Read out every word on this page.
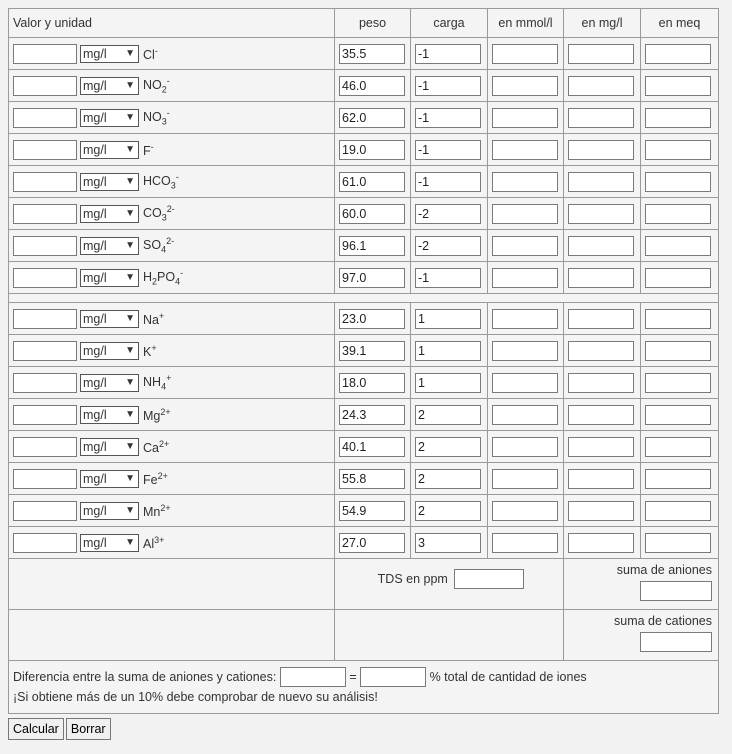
Valor y unidad	peso	carga	en mmol/l	en mg/l	en meq
mg/l ▼ Cl-	35.5	-1			
mg/l ▼ $NO_2^-$	46.0	-1			
mg/l ▼ $NO_3^-$	62.0	-1			
mg/l ▼ F-	19.0	-1			
mg/l ▼ $HCO_3^-$	61.0	-1			
mg/l ▼ $CO_3^{2-}$	60.0	-2			
mg/l ▼ $SO_4^{2-}$	96.1	-2			
mg/l ▼ $H_2PO_4^-$	97.0	-1			

mg/l ▼ Na+	23.0	1			
mg/l ▼ K+	39.1	1			
mg/l ▼ $NH_4^+$	18.0	1			
mg/l ▼ $Mg^{2+}$	24.3	2			
mg/l ▼ $Ca^{2+}$	40.1	2			
mg/l ▼ $Fe^{2+}$	55.8	2			
mg/l ▼ $Mn^{2+}$	54.9	2			
mg/l ▼ $Al^{3+}$	27.0	3			
	TDS en ppm			suma de aniones	

				suma de cationes	

Diferencia entre la suma de aniones y cationes: = % total de cantidad de iones
¡Si obtiene más de un 10% debe comprobar de nuevo su análisis!					
Calcular Borrar
